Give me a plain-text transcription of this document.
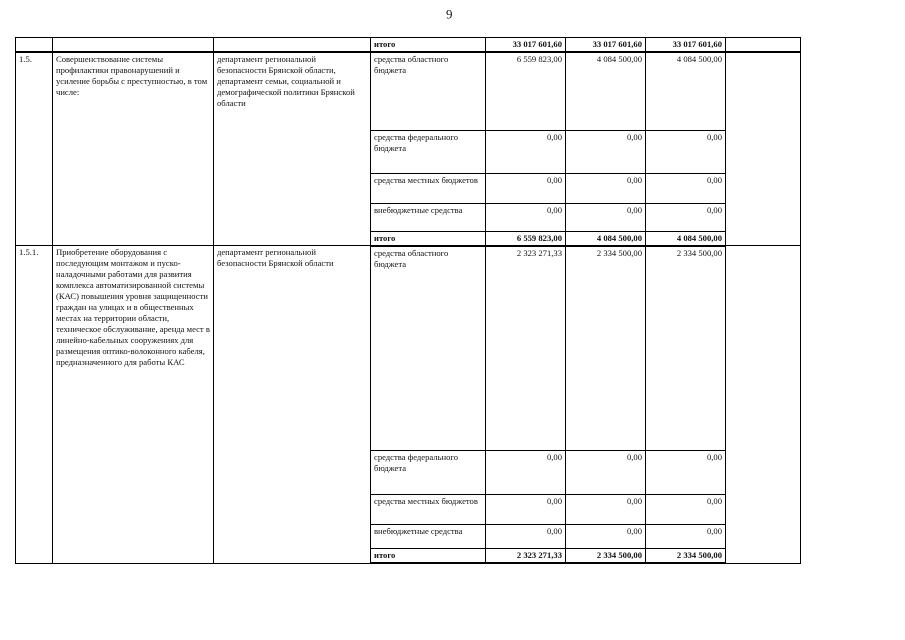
6
			итого	33 017 601,60	33 017 601,60	33 017 601,60	
1.5.	Совершенствование системы профилактики правонарушений и усиление борьбы с преступностью, в том числе:	департамент региональной безопасности Брянской области, департамент семьи, социальной и демографической политики Брянской области	средства областного бюджета	6 559 823,00	4 084 500,00	4 084 500,00	
			средства федерального бюджета	0,00	0,00	0,00	
			средства местных бюджетов	0,00	0,00	0,00	
			внебюджетные средства	0,00	0,00	0,00	
			итого	6 559 823,00	4 084 500,00	4 084 500,00	
1.5.1.	Приобретение оборудования с последующим монтажом и пуско-наладочными работами для развития комплекса автоматизированной системы (КАС) повышения уровня защищенности граждан на улицах и в общественных местах на территории области, техническое обслуживание, аренда мест в линейно-кабельных сооружениях для размещения оптико-волоконного кабеля, предназначенного для работы КАС	департамент региональной безопасности Брянской области	средства областного бюджета	2 323 271,33	2 334 500,00	2 334 500,00	
			средства федерального бюджета	0,00	0,00	0,00	
			средства местных бюджетов	0,00	0,00	0,00	
			внебюджетные средства	0,00	0,00	0,00	
			итого	2 323 271,33	2 334 500,00	2 334 500,00	
